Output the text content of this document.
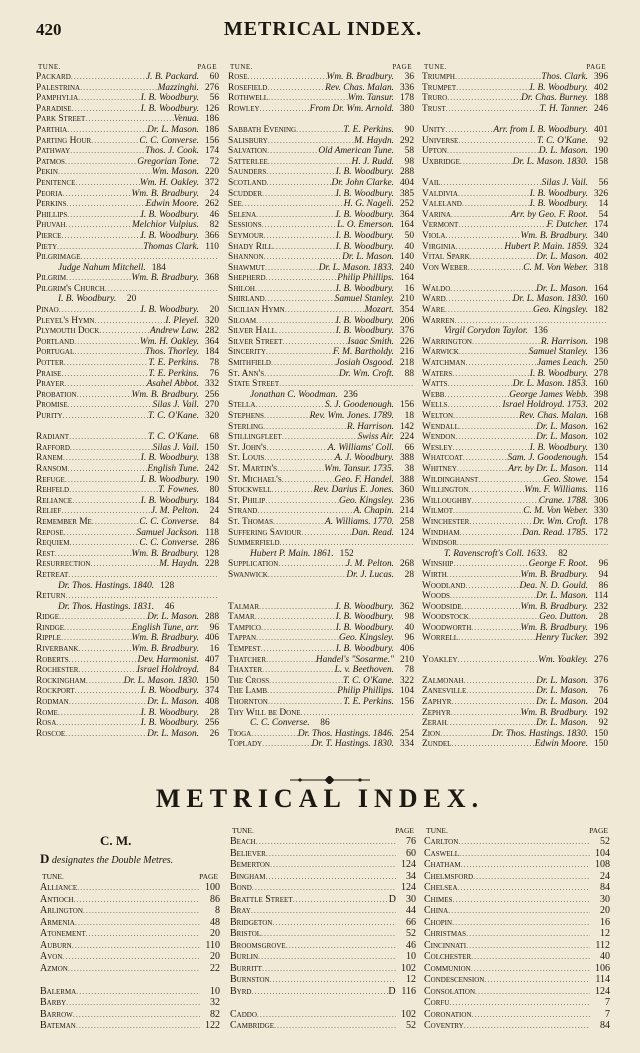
420	METRICAL INDEX.
TUNE.	PAGE
Packard .....	J. B. Packard.	60
Palestrina .....	Mazzinghi. 276
Pamphylia .....	I. B. Woodbury.	56
Paradise .....	I. B. Woodbury. 126
Park Street .....	Venua. 186
Parthia .....	Dr. L. Mason. 186
Parting Hour .....	C. C. Converse. 156
Pathway .....	Thos. J. Cook. 174
Patmos .....	Gregorian Tone.	72
Pekin .....	Wm. Mason. 220
Penitence .....	Wm. H. Oakley. 372
Peoria .....	Wm. B. Bradbury.	24
Perkins .....	Edwin Moore. 262
Phillips .....	I. B. Woodbury.	46
Phuvah .....	Melchior Vulpius.	82
Pierce .....	I. B. Woodbury. 366
Piety .....	Thomas Clark. 110
Pilgrimage
.....
Judge Nahum Mitchell. 184
Pilgrim .....	Wm. B. Bradbury. 368
Pilgrim's Church
.....
I. B. Woodbury.	20
Pinao .....	I. B. Woodbury.	20
Pleyel's Hymn .....	I. Pleyel. 320
Plymouth Dock .....	Andrew Law. 282
Portland .....	Wm. H. Oakley. 364
Portugal .....	Thos. Thorley. 184
Potter .....	T. E. Perkins.	78
Praise .....	T. E. Perkins.	76
Prayer .....	Asahel Abbot. 332
Probation .....	Wm. B. Bradbury. 256
Promise .....	Silas J. Vail. 270
Purity .....	T. C. O'Kane. 320
Radiant .....	T. C. O'Kane.	68
Rafford .....	Silas J. Vail. 150
Ranem .....	I. B. Woodbury. 138
Ransom .....	English Tune. 242
Refuge .....	I. B. Woodbury. 190
Rehfeld .....	T. Fownes.	80
Reliance .....	I. B. Woodbury. 184
Relief .....	J. M. Pelton.	24
Remember Me .....	C. C. Converse.	84
Repose .....	Samuel Jackson. 118
Requiem .....	C. C. Converse. 286
Rest .....	Wm. B. Bradbury. 128
Resurrection .....	M. Haydn. 228
Retreat
.....
Dr. Thos. Hastings. 1840. 128
Return
.....
Dr. Thos. Hastings. 1831.	46
Ridge .....	Dr. L. Mason. 288
Rindge .....	English Tune, arr.	96
Ripple .....	Wm. B. Bradbury. 406
Riverbank .....	Wm. B. Bradbury.	16
Roberts .....	Dev. Harmonist. 407
Rochester .....	Israel Holdroyd.	84
Rockingham .....	Dr. L. Mason. 1830. 150
Rockport .....	I. B. Woodbury. 374
Rodman .....	Dr. L. Mason. 408
Rome .....	I. B. Woodbury.	28
Rosa .....	I. B. Woodbury. 256
Roscoe .....	Dr. L. Mason.	26
TUNE.	PAGE
Rose .....	Wm. B. Bradbury.	36
Rosefield .....	Rev. Chas. Malan. 336
Rothwell .....	Wm. Tansur. 178
Rowley .....	From Dr. Wm. Arnold. 380
Sabbath Evening .....	T. E. Perkins.	90
Salisbury .....	M. Haydn. 292
Salvation .....	Old American Tune.	58
Satterlee .....	H. J. Rudd.	98
Saunders .....	I. B. Woodbury. 288
Scotland .....	Dr. John Clarke. 404
Scudder .....	I. B. Woodbury. 385
See .....	H. G. Nageli. 252
Selena .....	I. B. Woodbury. 364
Sessions .....	L. O. Emerson. 164
Seymour .....	I. B. Woodbury.	50
Shady Rill .....	I. B. Woodbury.	40
Shannon .....	Dr. L. Mason. 140
Shawmut .....	Dr. L. Mason. 1833. 240
Shepherd .....	Philip Phillips. 164
Shiloh .....	I. B. Woodbury.	16
Shirland .....	Samuel Stanley. 210
Sicilian Hymn .....	Mozart. 354
Siloam .....	I. B. Woodbury. 206
Silver Hall .....	I. B. Woodbury. 376
Silver Street .....	Isaac Smith. 226
Sincerity .....	F. M. Bartholdy. 216
Smithfield .....	Josiah Osgood. 218
St. Ann's .....	Dr. Wm. Croft.	88
State Street
.....
Jonathan C. Woodman. 236
Stella .....	S. J. Goodenough. 156
Stephens .....	Rev. Wm. Jones. 1789.	18
Sterling .....	R. Harrison. 142
Stillingfleet .....	Swiss Air. 224
St. John's .....	A. Williams' Coll.	66
St. Louis .....	A. J. Woodbury. 388
St. Martin's .....	Wm. Tansur. 1735.	38
St. Michael's .....	Geo. F. Handel. 388
Stockwell .....	Rev. Darius E. Jones. 360
St. Philip .....	Geo. Kingsley. 236
Strand .....	A. Chapin. 214
St. Thomas .....	A. Williams. 1770. 258
Suffering Saviour .....	Dan. Read. 124
Summerfield
.....
Hubert P. Main. 1861. 152
Supplication .....	J. M. Pelton. 268
Swanwick .....	Dr. J. Lucas.	28
Talmar .....	I. B. Woodbury. 362
Tamar .....	I. B. Woodbury.	98
Tampico .....	I. B. Woodbury.	40
Tappan .....	Geo. Kingsley.	96
Tempest .....	I. B. Woodbury. 406
Thatcher .....	Handel's "Sosarme." 210
Thaxter .....	L. v. Beethoven.	78
The Cross .....	T. C. O'Kane. 322
The Lamb .....	Philip Phillips. 104
Thornton .....	T. E. Perkins. 156
Thy Will be Done
.....
C. C. Converse.	86
Tioga .....	Dr. Thos. Hastings. 1846. 254
Toplady .....	Dr. T. Hastings. 1830. 334
TUNE.	PAGE
Triumph .....	Thos. Clark. 396
Trumpet .....	I. B. Woodbury. 402
Truro .....	Dr. Chas. Burney. 188
Trust .....	T. H. Tanner. 246
Unity .....	Arr. from I. B. Woodbury. 401
Universe .....	T. C. O'Kane.	92
Upton .....	D. L. Mason. 190
Uxbridge .....	Dr. L. Mason. 1830. 158
Vail .....	Silas J. Vail.	56
Valdivia .....	I. B. Woodbury. 326
Valeland .....	I. B. Woodbury.	14
Varina .....	Arr. by Geo. F. Root.	54
Vermont .....	F. Dutcher. 174
Viola .....	Wm. B. Bradbury. 340
Virginia .....	Hubert P. Main. 1859. 324
Vital Spark .....	Dr. L. Mason. 402
Von Weber .....	C. M. Von Weber. 318
Waldo .....	Dr. L. Mason. 164
Ward .....	Dr. L. Mason. 1830. 160
Ware .....	Geo. Kingsley. 182
Warren
.....
Virgil Corydon Taylor. 136
Warrington .....	R. Harrison. 198
Warwick .....	Samuel Stanley. 136
Watchman .....	James Leach. 250
Waters .....	I. B. Woodbury. 278
Watts .....	Dr. L. Mason. 1853. 160
Webb .....	George James Webb. 398
Wells .....	Israel Holdroyd. 1753. 202
Welton .....	Rev. Chas. Malan. 168
Wendall .....	Dr. L. Mason. 162
Wendon .....	Dr. L. Mason. 102
Wesley .....	I. B. Woodbury. 130
Whatcoat .....	Sam. J. Goodenough. 154
Whitney .....	Arr. by Dr. L. Mason. 114
Wildinghanst .....	Geo. Stowe. 154
Willington .....	Wm. F. Williams. 116
Willoughby .....	Crane. 1788. 306
Wilmot .....	C. M. Von Weber. 330
Winchester .....	Dr. Wm. Croft. 178
Windham .....	Dan. Read. 1785. 172
Windsor
.....
T. Ravenscroft's Coll. 1633.	82
Winship .....	George F. Root.	96
Wirth .....	Wm. B. Bradbury.	94
Woodland .....	Dea. N. D. Gould.	86
Woods .....	Dr. L. Mason. 114
Woodside .....	Wm. B. Bradbury. 232
Woodstock .....	Geo. Dutton.	28
Woodworth .....	Wm. B. Bradbury. 196
Worrell .....	Henry Tucker. 392
Yoakley .....	Wm. Yoakley. 276
Zalmonah .....	Dr. L. Mason. 376
Zanesville .....	Dr. L. Mason.	76
Zaphyr .....	Dr. L. Mason. 204
Zephyr .....	Wm. B. Bradbury. 192
Zerah .....	Dr. L. Mason.	92
Zion .....	Dr. Thos. Hastings. 1830. 150
Zundel .....	Edwin Moore. 150
METRICAL INDEX.
C. M.
D designates the Double Metres.
TUNE.	PAGE
Alliance .....	100
Antioch .....	86
Arlington .....	8
Armenia .....	48
Atonement .....	20
Auburn .....	110
Avon .....	20
Azmon .....	22
Balerma .....	10
Barby .....	32
Barrow .....	82
Bateman .....	122
TUNE.	PAGE
Beach .....	76
Believer .....	60
Bemerton .....	124
Bingham .....	34
Bond .....	124
Brattle Street .....	D	30
Bray .....	44
Bridgeton .....	66
Bristol .....	52
Broomsgrove .....	46
Burlin .....	10
Burritt .....	102
Burnston .....	12
Byrd .....	D 116
Caddo .....	102
Cambridge .....	52
TUNE.	PAGE
Carlton .....	52
Caswell .....	104
Chatham .....	108
Chelmsford .....	24
Chelsea .....	84
Chimes .....	30
China .....	20
Chopin .....	16
Christmas .....	12
Cincinnati .....	112
Colchester .....	40
Communion .....	106
Condescension .....	114
Consolation .....	124
Corfu .....	7
Coronation .....	7
Coventry .....	84
